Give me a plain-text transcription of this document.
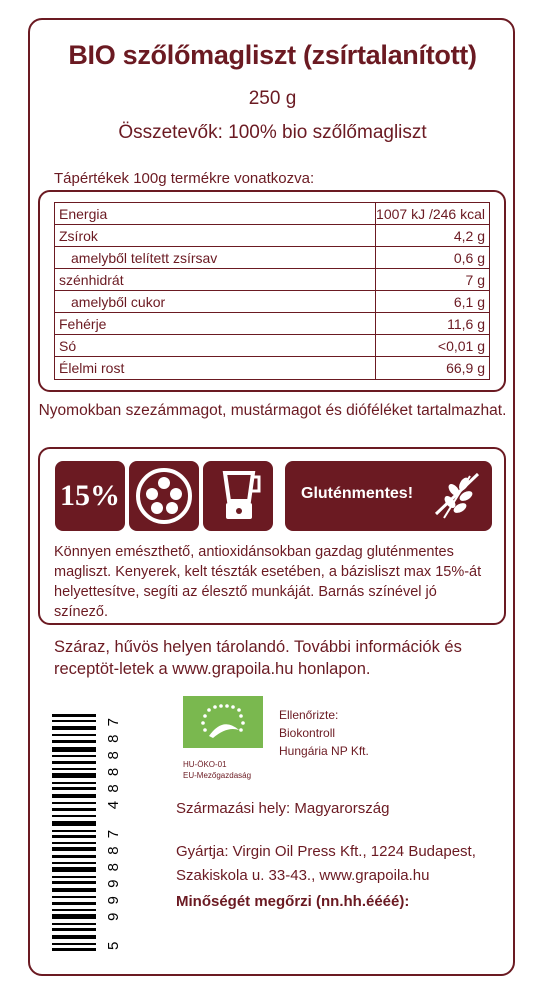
BIO szőlőmagliszt (zsírtalanított)
250 g
Összetevők: 100% bio szőlőmagliszt
Tápértékek 100g termékre vonatkozva:
Energia	1007 kJ /246 kcal
Zsírok	4,2 g
amelyből telített zsírsav	0,6 g
szénhidrát	7 g
amelyből cukor	6,1 g
Fehérje	11,6 g
Só	<0,01 g
Élelmi rost	66,9 g
Nyomokban szezámmagot, mustármagot és dióféléket tartalmazhat.
15%	Gluténmentes!
Könnyen emészthető, antioxidánsokban gazdag gluténmentes magliszt. Kenyerek, kelt tészták esetében, a bázisliszt max 15%-át helyettesítve, segíti az élesztő munkáját. Barnás színével jó színező.
Száraz, hűvös helyen tárolandó. További információk és receptöt-letek a www.grapoila.hu honlapon.
5 999887 488887
HU-ÖKO-01
EU-Mezőgazdaság
Ellenőrizte:
Biokontroll
Hungária NP Kft.
Származási hely: Magyarország
Gyártja: Virgin Oil Press Kft., 1224 Budapest,
Szakiskola u. 33-43., www.grapoila.hu
Minőségét megőrzi (nn.hh.éééé):
